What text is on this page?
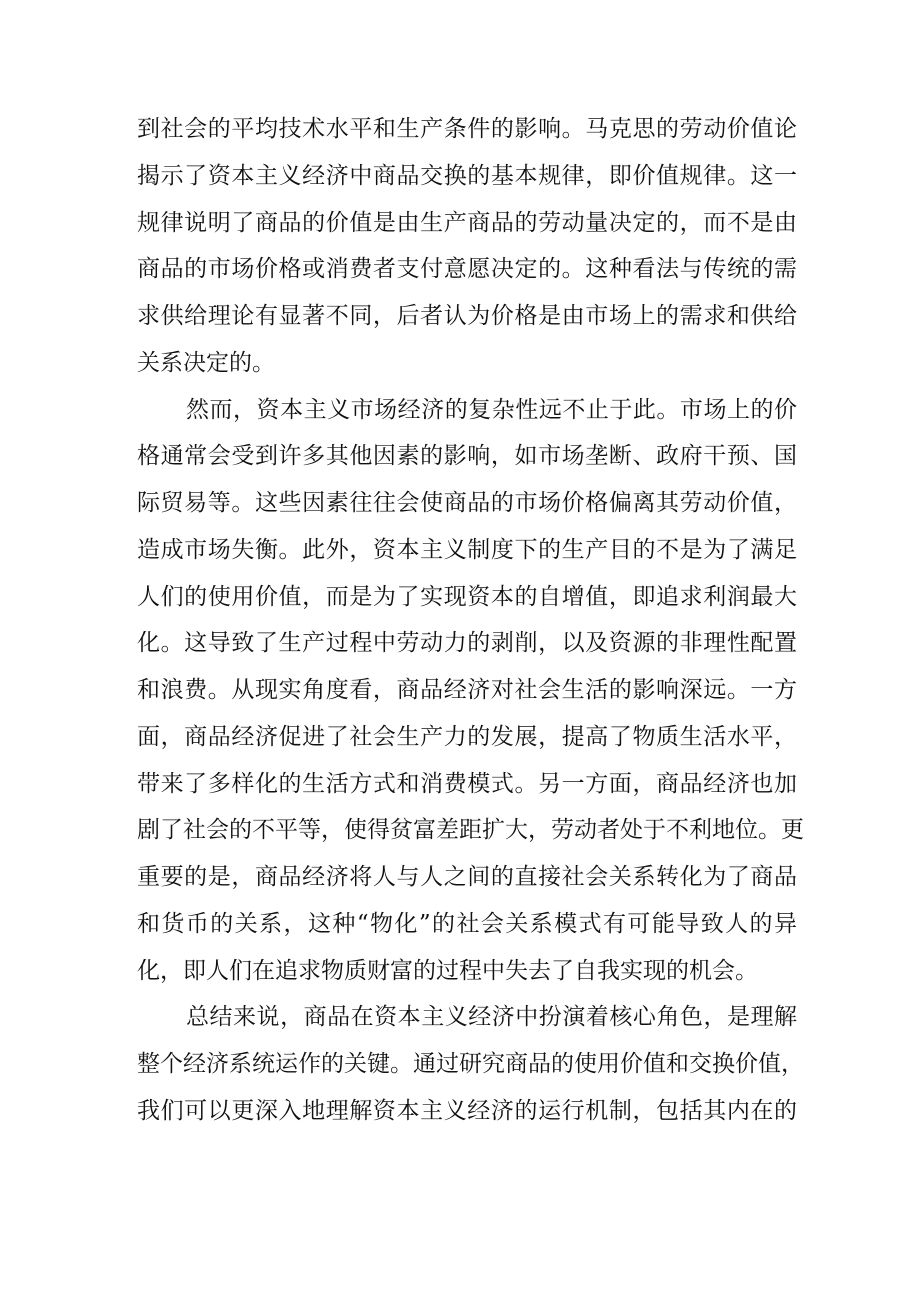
到社会的平均技术水平和生产条件的影响。马克思的劳动价值论
揭示了资本主义经济中商品交换的基本规律，即价值规律。这一
规律说明了商品的价值是由生产商品的劳动量决定的，而不是由
商品的市场价格或消费者支付意愿决定的。这种看法与传统的需
求供给理论有显著不同，后者认为价格是由市场上的需求和供给
关系决定的。
然而，资本主义市场经济的复杂性远不止于此。市场上的价
格通常会受到许多其他因素的影响，如市场垄断、政府干预、国
际贸易等。这些因素往往会使商品的市场价格偏离其劳动价值，
造成市场失衡。此外，资本主义制度下的生产目的不是为了满足
人们的使用价值，而是为了实现资本的自增值，即追求利润最大
化。这导致了生产过程中劳动力的剥削，以及资源的非理性配置
和浪费。从现实角度看，商品经济对社会生活的影响深远。一方
面，商品经济促进了社会生产力的发展，提高了物质生活水平，
带来了多样化的生活方式和消费模式。另一方面，商品经济也加
剧了社会的不平等，使得贫富差距扩大，劳动者处于不利地位。更
重要的是，商品经济将人与人之间的直接社会关系转化为了商品
和货币的关系，这种“物化”的社会关系模式有可能导致人的异
化，即人们在追求物质财富的过程中失去了自我实现的机会。
总结来说，商品在资本主义经济中扮演着核心角色，是理解
整个经济系统运作的关键。通过研究商品的使用价值和交换价值，
我们可以更深入地理解资本主义经济的运行机制，包括其内在的
